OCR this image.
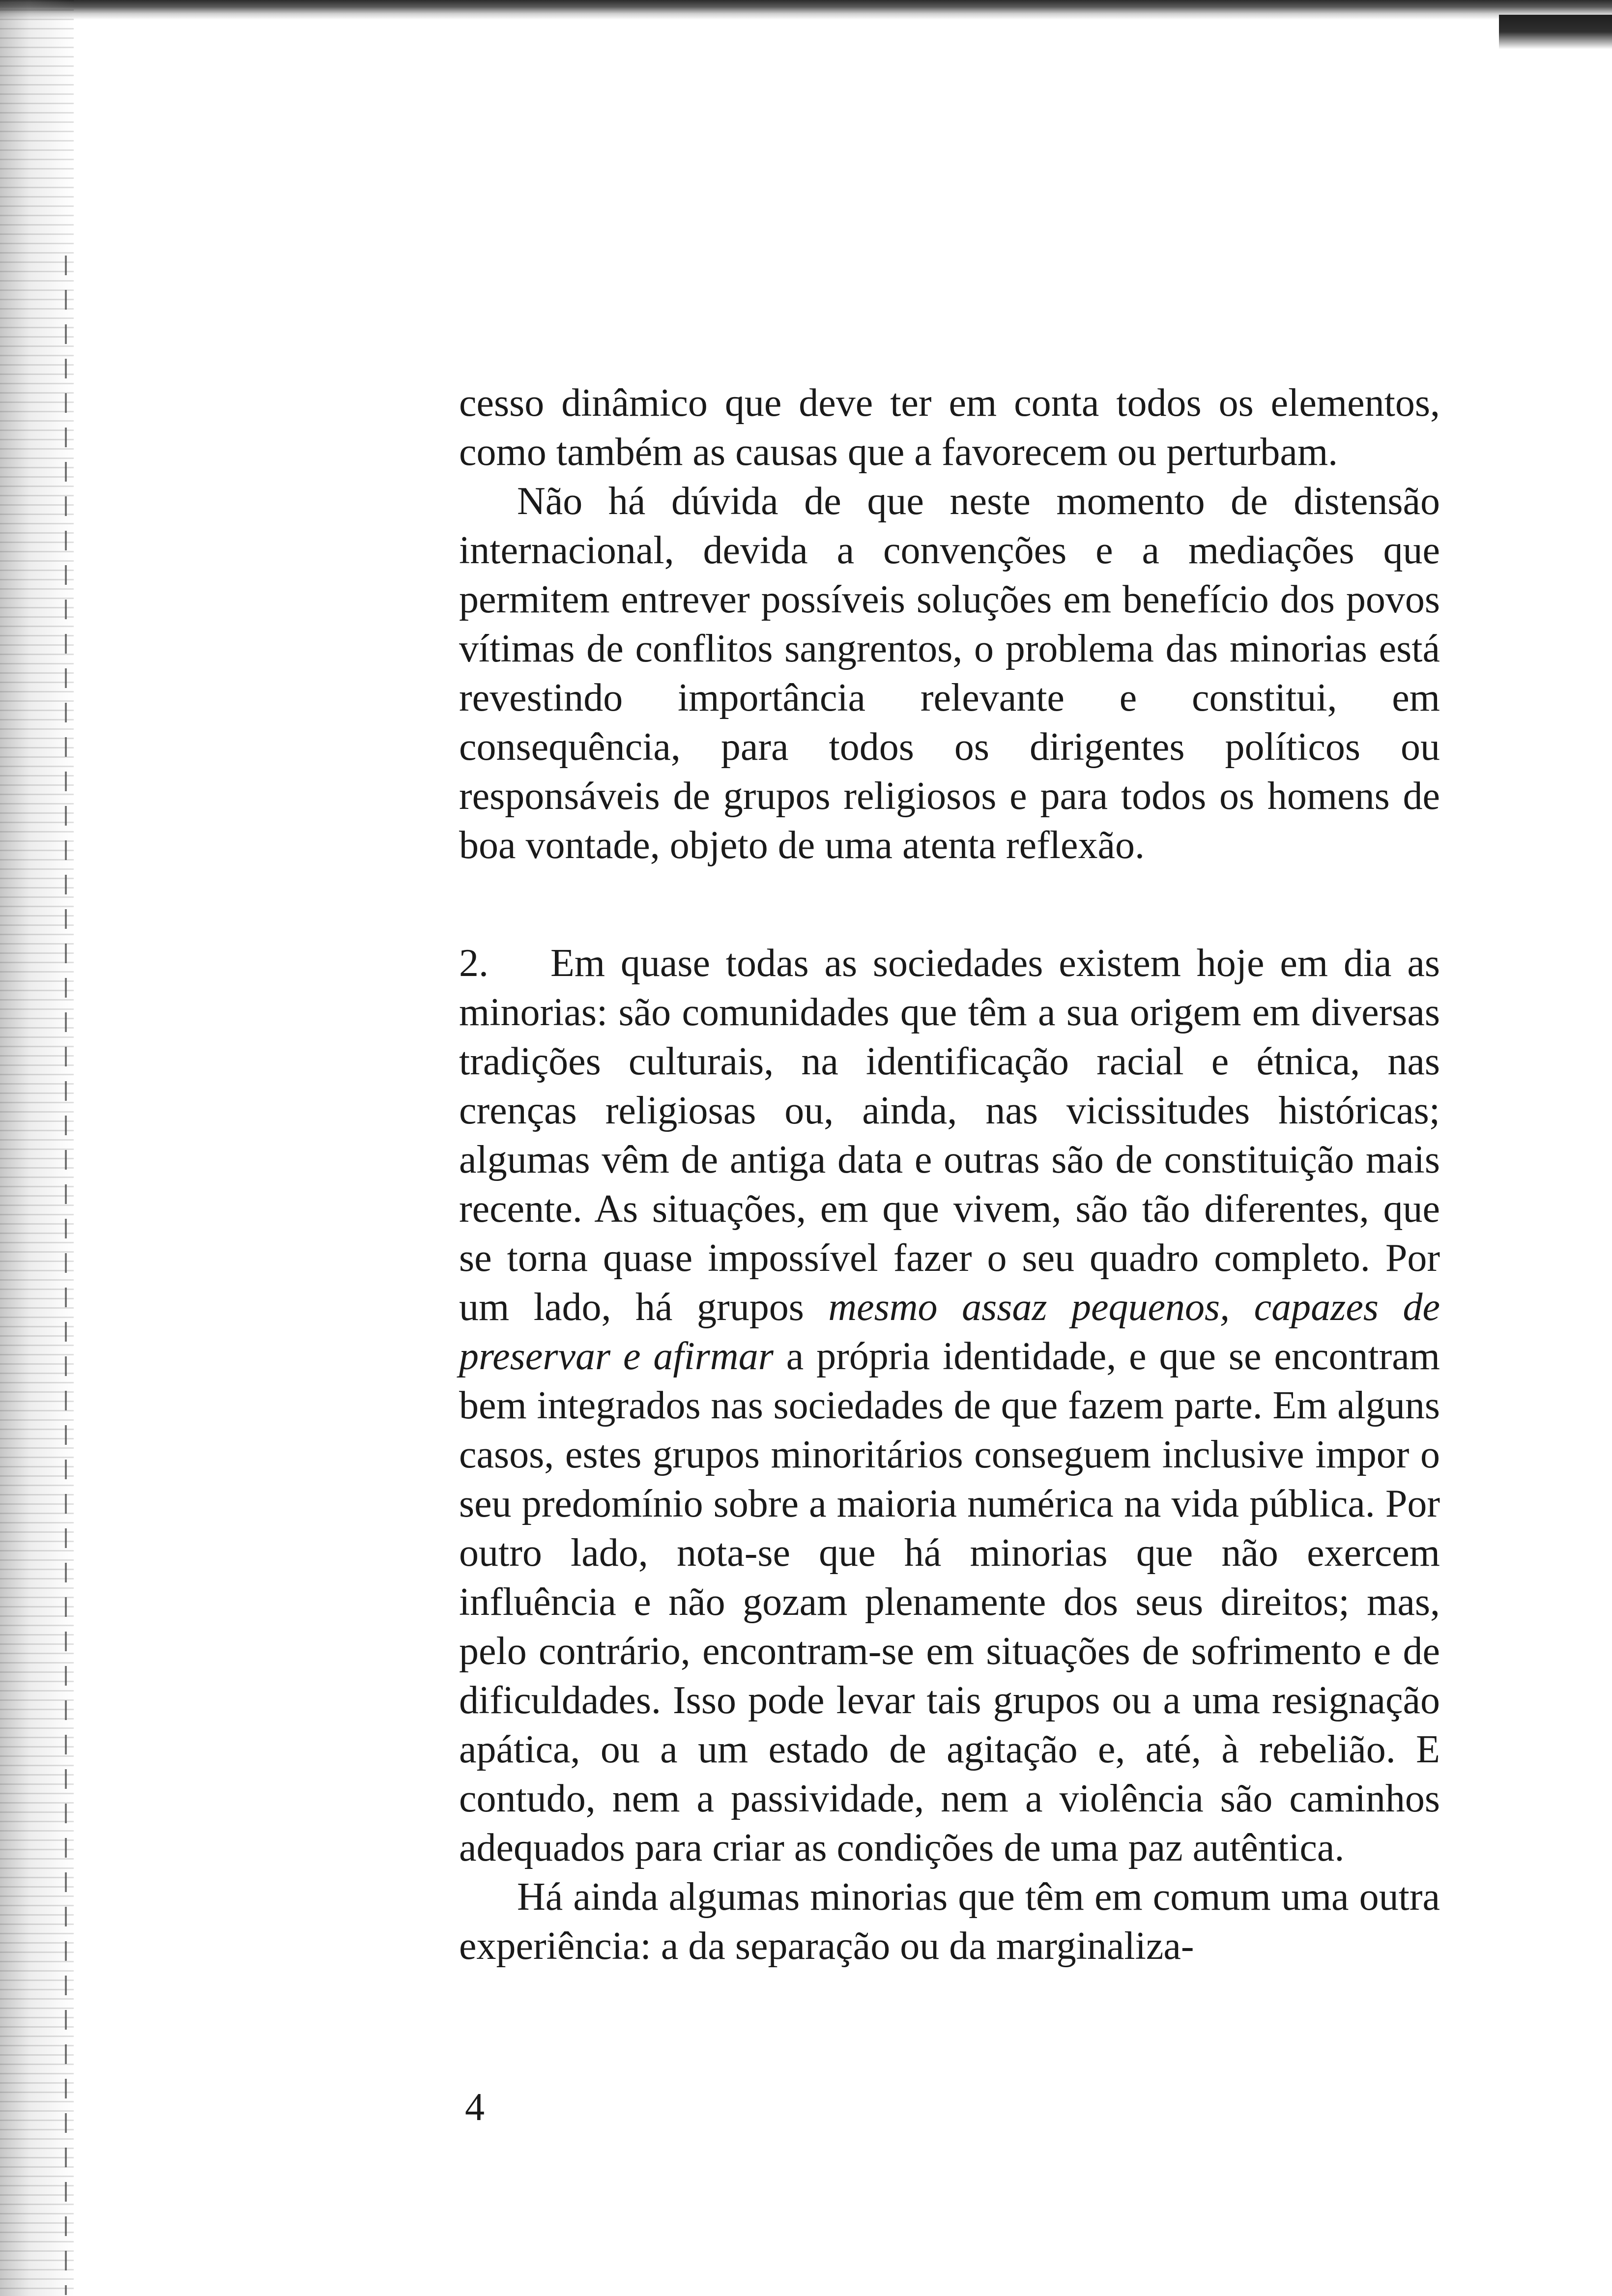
cesso dinâmico que deve ter em conta todos os elementos, como também as causas que a favorecem ou perturbam.

Não há dúvida de que neste momento de distensão internacional, devida a convenções e a mediações que permitem entrever possíveis soluções em benefício dos povos vítimas de conflitos sangrentos, o problema das minorias está revestindo importância relevante e constitui, em consequência, para todos os dirigentes políticos ou responsáveis de grupos religiosos e para todos os homens de boa vontade, objeto de uma atenta reflexão.

2. Em quase todas as sociedades existem hoje em dia as minorias: são comunidades que têm a sua origem em diversas tradições culturais, na identificação racial e étnica, nas crenças religiosas ou, ainda, nas vicissitudes históricas; algumas vêm de antiga data e outras são de constituição mais recente. As situações, em que vivem, são tão diferentes, que se torna quase impossível fazer o seu quadro completo. Por um lado, há grupos mesmo assaz pequenos, capazes de preservar e afirmar a própria identidade, e que se encontram bem integrados nas sociedades de que fazem parte. Em alguns casos, estes grupos minoritários conseguem inclusive impor o seu predomínio sobre a maioria numérica na vida pública. Por outro lado, nota-se que há minorias que não exercem influência e não gozam plenamente dos seus direitos; mas, pelo contrário, encontram-se em situações de sofrimento e de dificuldades. Isso pode levar tais grupos ou a uma resignação apática, ou a um estado de agitação e, até, à rebelião. E contudo, nem a passividade, nem a violência são caminhos adequados para criar as condições de uma paz autêntica.

Há ainda algumas minorias que têm em comum uma outra experiência: a da separação ou da marginaliza-

4
